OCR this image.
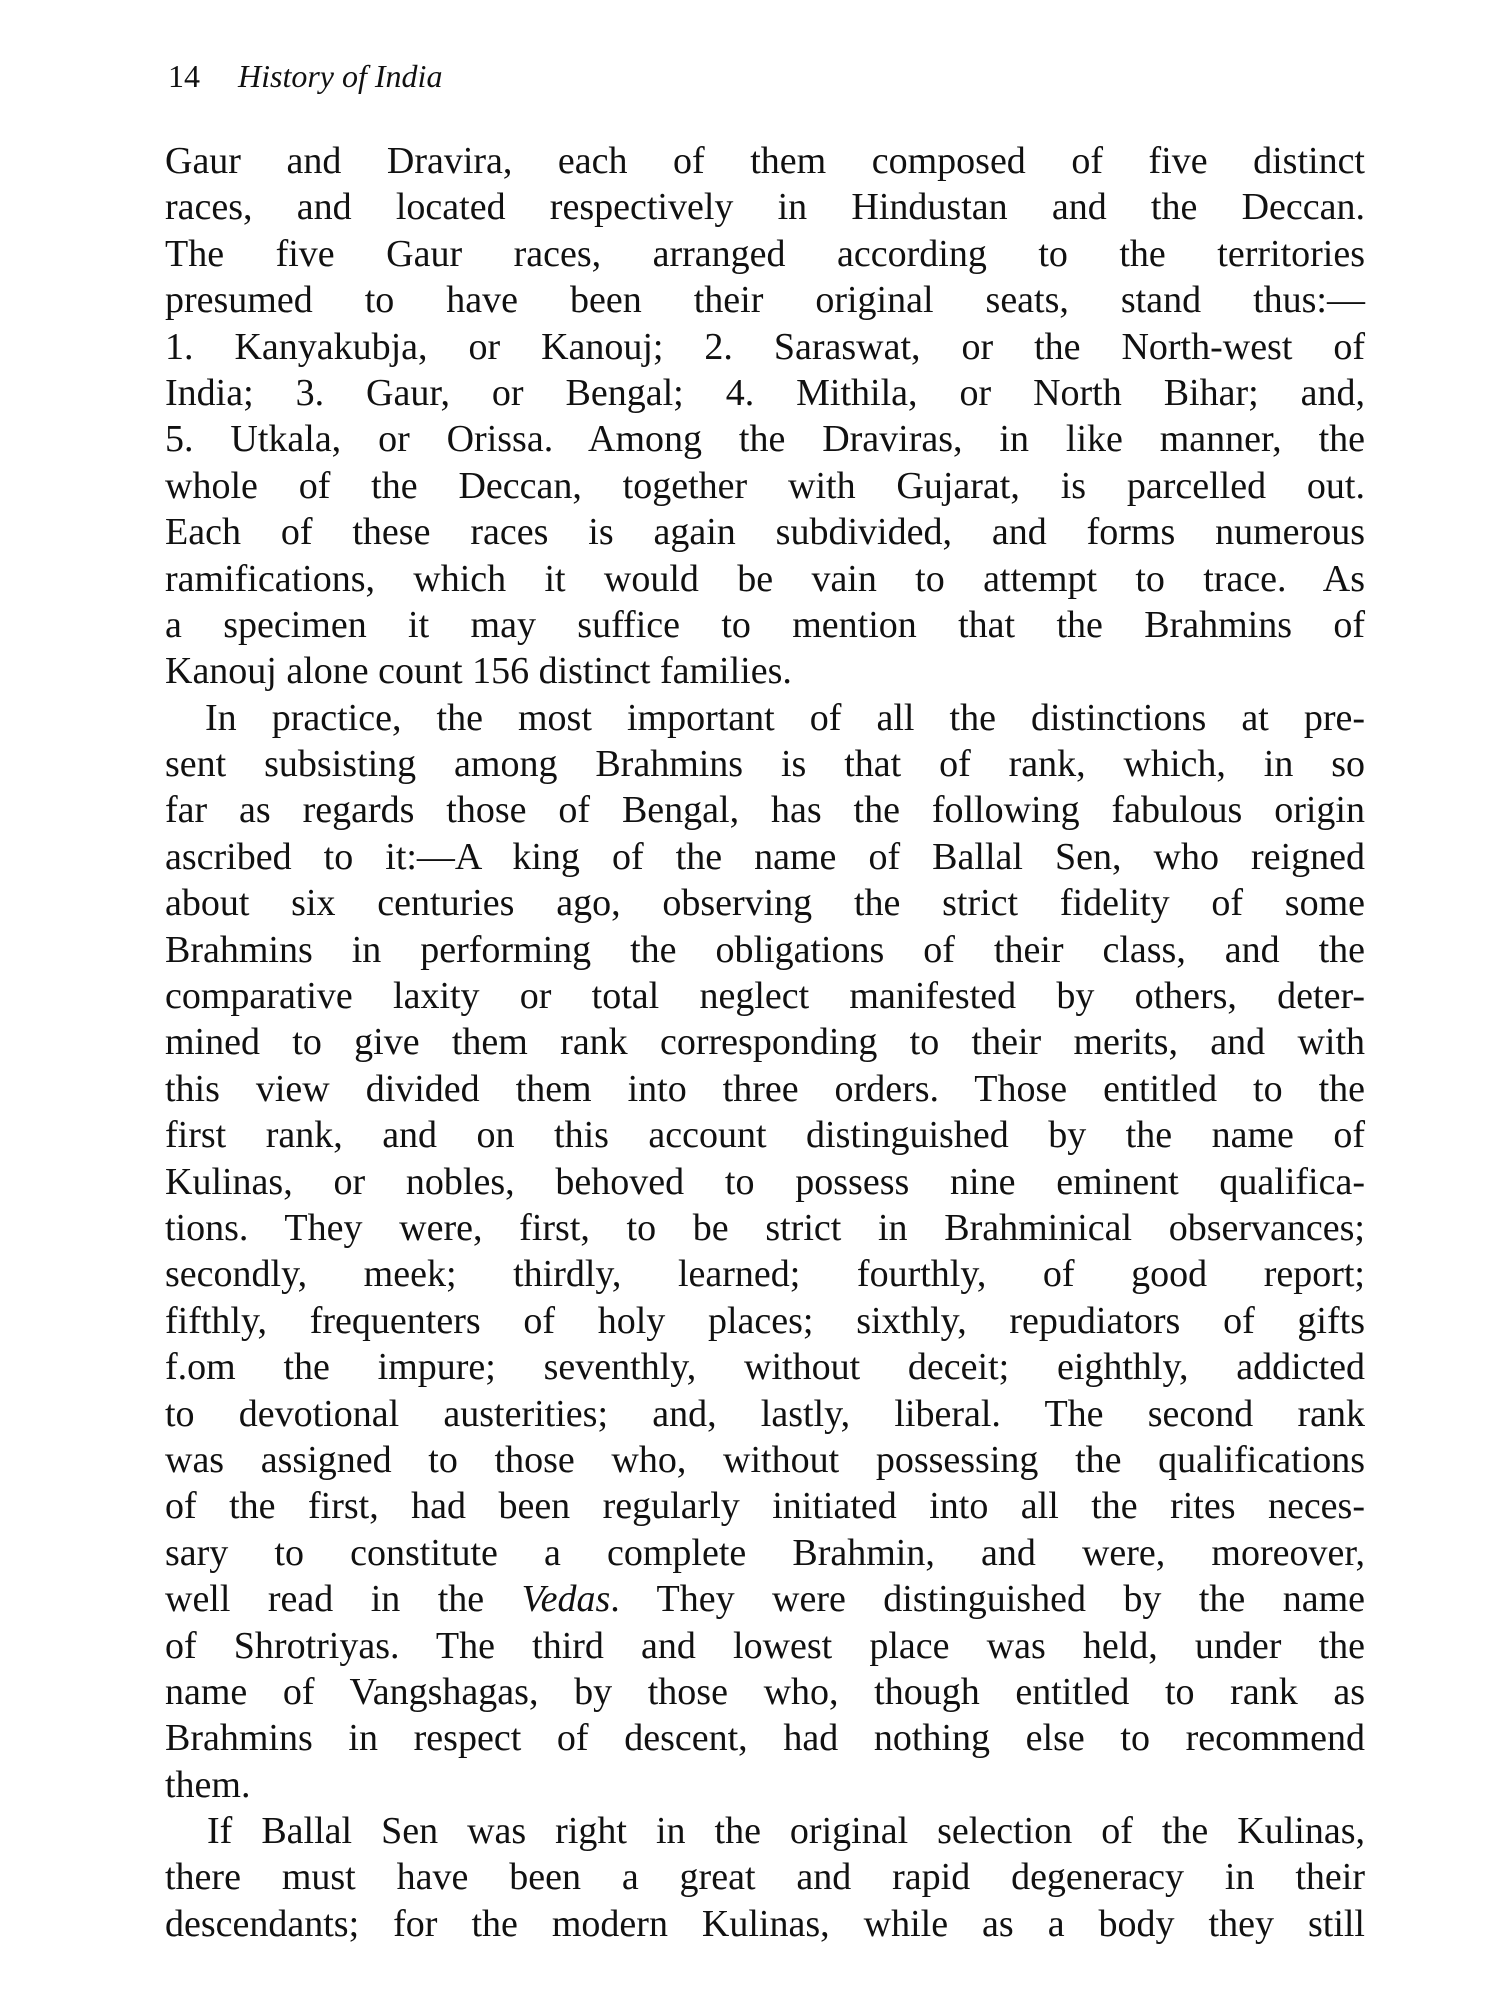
14 History of India
Gaur and Dravira, each of them composed of five distinct
races, and located respectively in Hindustan and the Deccan.
The five Gaur races, arranged according to the territories
presumed to have been their original seats, stand thus:—
1. Kanyakubja, or Kanouj; 2. Saraswat, or the North-west of
India; 3. Gaur, or Bengal; 4. Mithila, or North Bihar; and,
5. Utkala, or Orissa. Among the Draviras, in like manner, the
whole of the Deccan, together with Gujarat, is parcelled out.
Each of these races is again subdivided, and forms numerous
ramifications, which it would be vain to attempt to trace. As
a specimen it may suffice to mention that the Brahmins of
Kanouj alone count 156 distinct families.
In practice, the most important of all the distinctions at pre-
sent subsisting among Brahmins is that of rank, which, in so
far as regards those of Bengal, has the following fabulous origin
ascribed to it:—A king of the name of Ballal Sen, who reigned
about six centuries ago, observing the strict fidelity of some
Brahmins in performing the obligations of their class, and the
comparative laxity or total neglect manifested by others, deter-
mined to give them rank corresponding to their merits, and with
this view divided them into three orders. Those entitled to the
first rank, and on this account distinguished by the name of
Kulinas, or nobles, behoved to possess nine eminent qualifica-
tions. They were, first, to be strict in Brahminical observances;
secondly, meek; thirdly, learned; fourthly, of good report;
fifthly, frequenters of holy places; sixthly, repudiators of gifts
f.om the impure; seventhly, without deceit; eighthly, addicted
to devotional austerities; and, lastly, liberal. The second rank
was assigned to those who, without possessing the qualifications
of the first, had been regularly initiated into all the rites neces-
sary to constitute a complete Brahmin, and were, moreover,
well read in the Vedas. They were distinguished by the name
of Shrotriyas. The third and lowest place was held, under the
name of Vangshagas, by those who, though entitled to rank as
Brahmins in respect of descent, had nothing else to recommend
them.
If Ballal Sen was right in the original selection of the Kulinas,
there must have been a great and rapid degeneracy in their
descendants; for the modern Kulinas, while as a body they still
